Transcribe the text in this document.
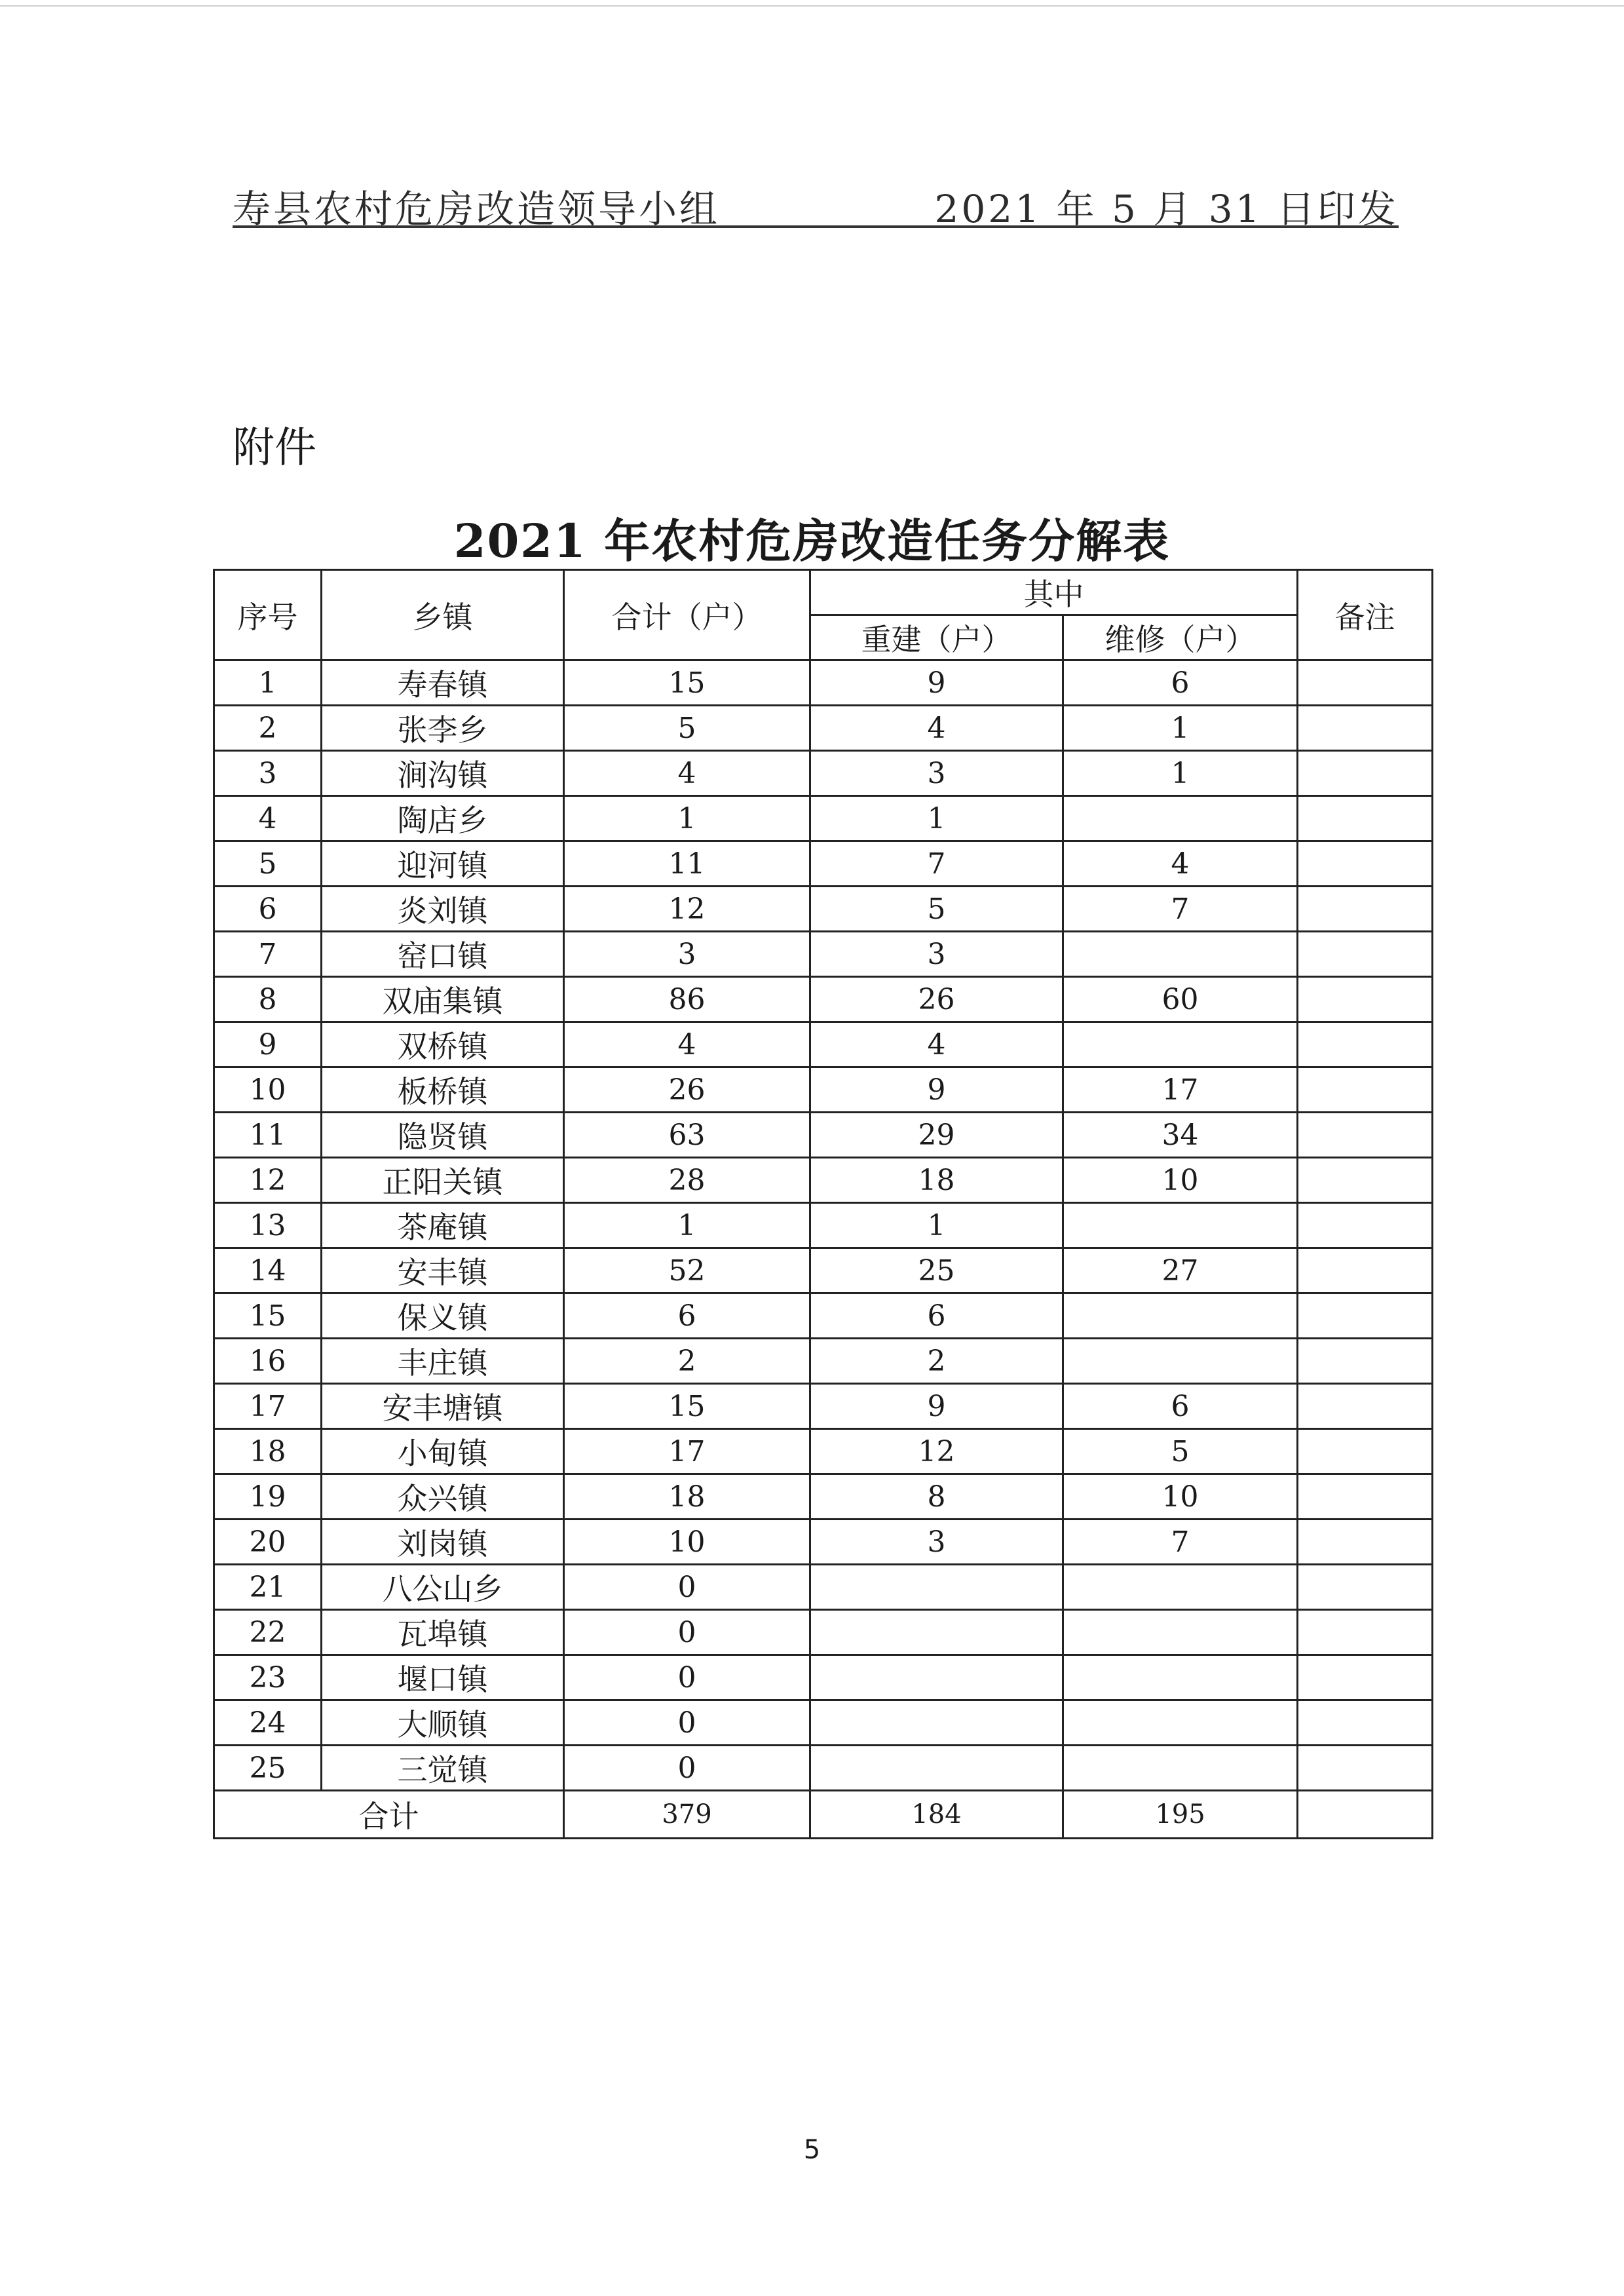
寿县农村危房改造领导小组	2021 年 5 月 31 日印发
附件
2021 年农村危房改造任务分解表
序号	乡镇	合计（户）	其中		备注
			重建（户）	维修（户）	
1	寿春镇	15	9	6	
2	张李乡	5	4	1	
3	涧沟镇	4	3	1	
4	陶店乡	1	1		
5	迎河镇	11	7	4	
6	炎刘镇	12	5	7	
7	窑口镇	3	3		
8	双庙集镇	86	26	60	
9	双桥镇	4	4		
10	板桥镇	26	9	17	
11	隐贤镇	63	29	34	
12	正阳关镇	28	18	10	
13	茶庵镇	1	1		
14	安丰镇	52	25	27	
15	保义镇	6	6		
16	丰庄镇	2	2		
17	安丰塘镇	15	9	6	
18	小甸镇	17	12	5	
19	众兴镇	18	8	10	
20	刘岗镇	10	3	7	
21	八公山乡	0			
22	瓦埠镇	0			
23	堰口镇	0			
24	大顺镇	0			
25	三觉镇	0			
合计		379	184	195	
5
